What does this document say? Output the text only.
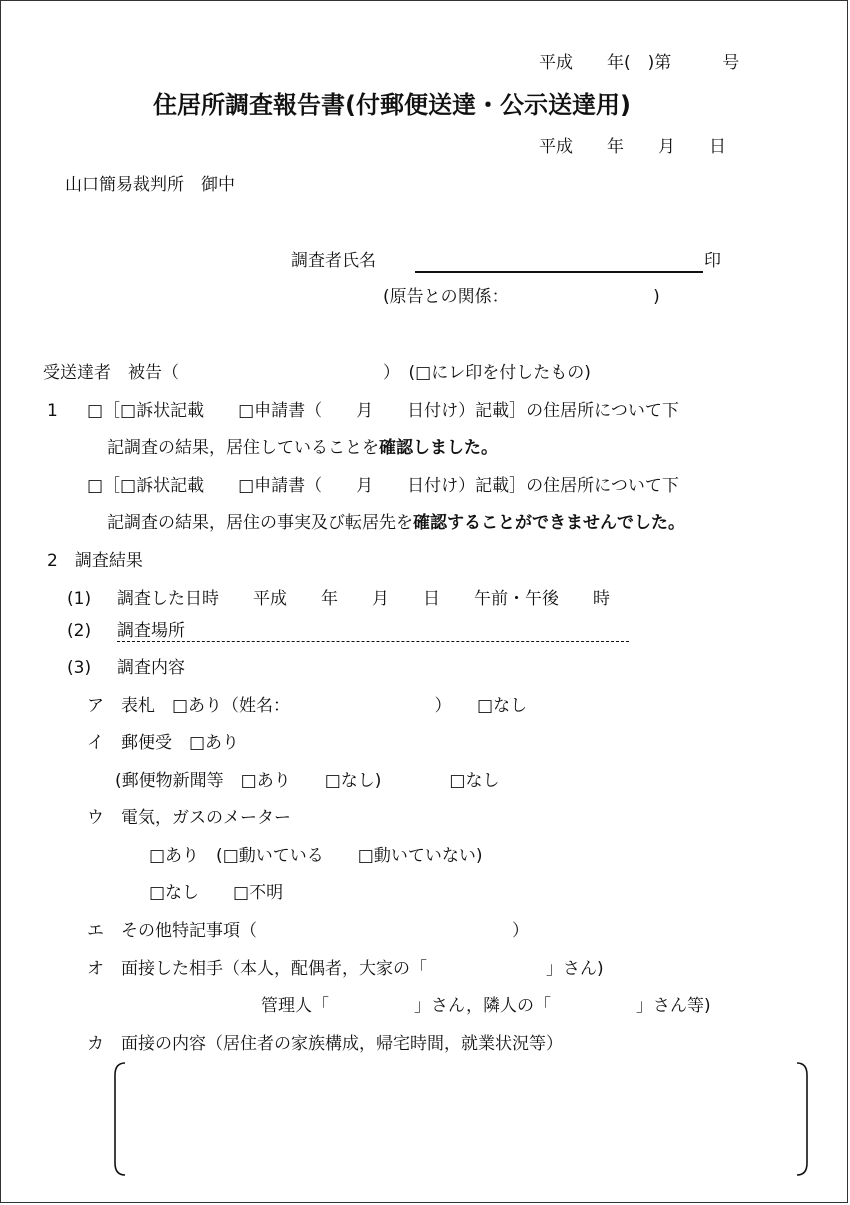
平成　　年(　)第　　　号
住居所調査報告書(付郵便送達・公示送達用)
平成　　年　　月　　日
山口簡易裁判所　御中
調査者氏名	印
(原告との関係：　　　　　　　　　)
受送達者　被告（　　　　　　　　　　　　）　(□にレ印を付したもの)
1 □［□訴状記載　　□申請書（　　月　　日付け）記載］の住居所について下
記調査の結果，居住していることを確認しました。
□［□訴状記載　　□申請書（　　月　　日付け）記載］の住居所について下
記調査の結果，居住の事実及び転居先を確認することができませんでした。
2　調査結果
(1) 調査した日時　　平成　　年　　月　　日　　午前・午後　　時
(2) 調査場所
(3) 調査内容
ア　表札　□あり（姓名：　　　　　　　　　）　　□なし
イ　郵便受　□あり
(郵便物新聞等　□あり　　□なし)　　　　□なし
ウ　電気，ガスのメーター
□あり　(□動いている　　□動いていない)
□なし　　□不明
エ　その他特記事項（　　　　　　　　　　　　　　　）
オ　面接した相手（本人，配偶者，大家の「　　　　　　　」さん)
管理人「　　　　　」さん，隣人の「　　　　　」さん等)
カ　面接の内容（居住者の家族構成，帰宅時間，就業状況等）
